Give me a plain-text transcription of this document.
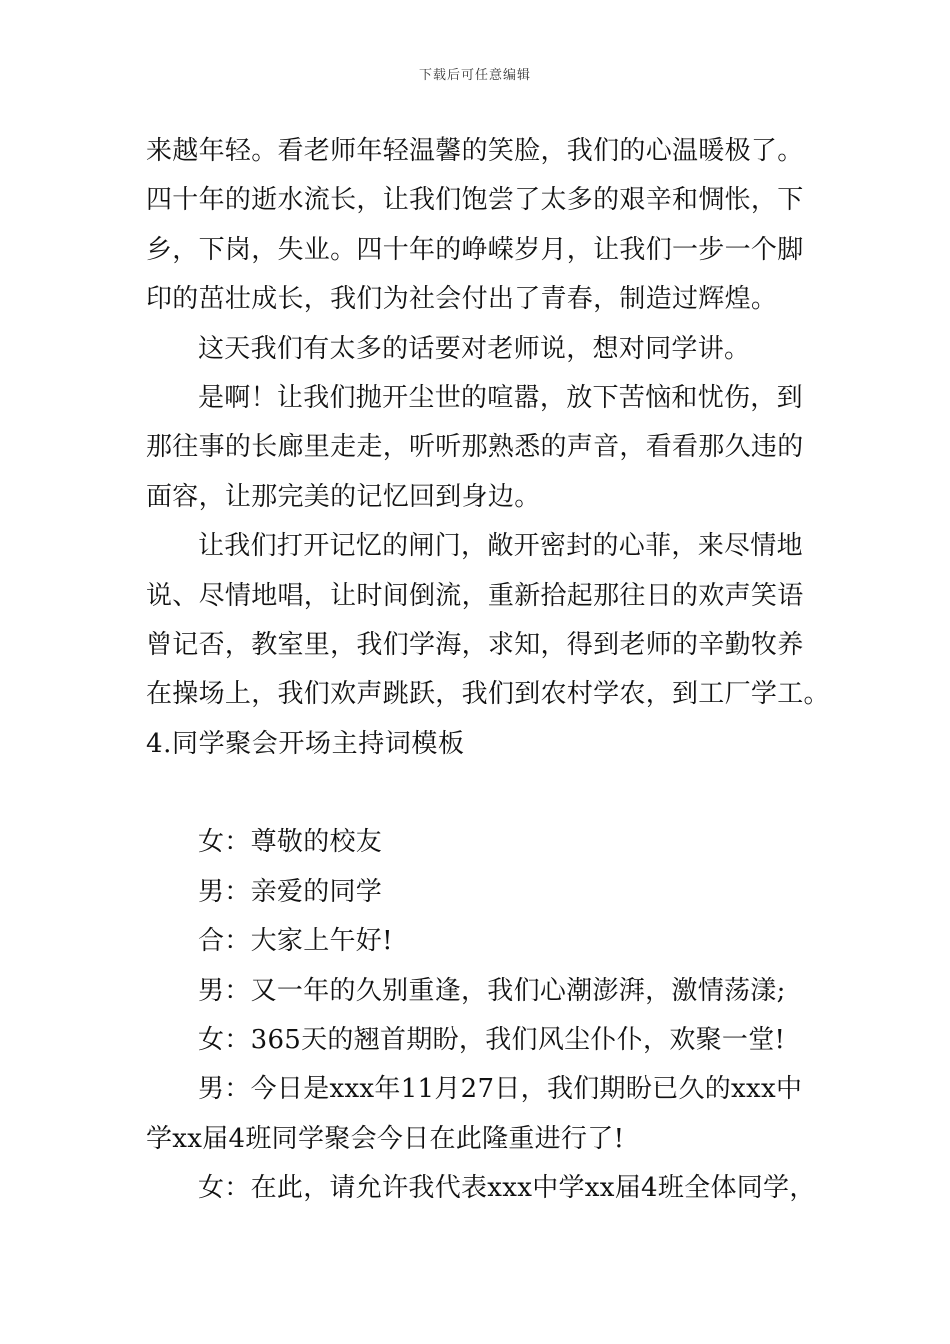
下载后可任意编辑
来越年轻。看老师年轻温馨的笑脸，我们的心温暖极了。
四十年的逝水流长，让我们饱尝了太多的艰辛和惆怅，下
乡，下岗，失业。四十年的峥嵘岁月，让我们一步一个脚
印的茁壮成长，我们为社会付出了青春，制造过辉煌。
这天我们有太多的话要对老师说，想对同学讲。
是啊！让我们抛开尘世的喧嚣，放下苦恼和忧伤，到
那往事的长廊里走走，听听那熟悉的声音，看看那久违的
面容，让那完美的记忆回到身边。
让我们打开记忆的闸门，敞开密封的心菲，来尽情地
说、尽情地唱，让时间倒流，重新拾起那往日的欢声笑语
曾记否，教室里，我们学海，求知，得到老师的辛勤牧养
在操场上，我们欢声跳跃，我们到农村学农，到工厂学工。
4.同学聚会开场主持词模板
女：尊敬的校友
男：亲爱的同学
合：大家上午好!
男：又一年的久别重逢，我们心潮澎湃，激情荡漾;
女：365天的翘首期盼，我们风尘仆仆，欢聚一堂!
男：今日是xxx年11月27日，我们期盼已久的xxx中
学xx届4班同学聚会今日在此隆重进行了!
女：在此，请允许我代表xxx中学xx届4班全体同学，
